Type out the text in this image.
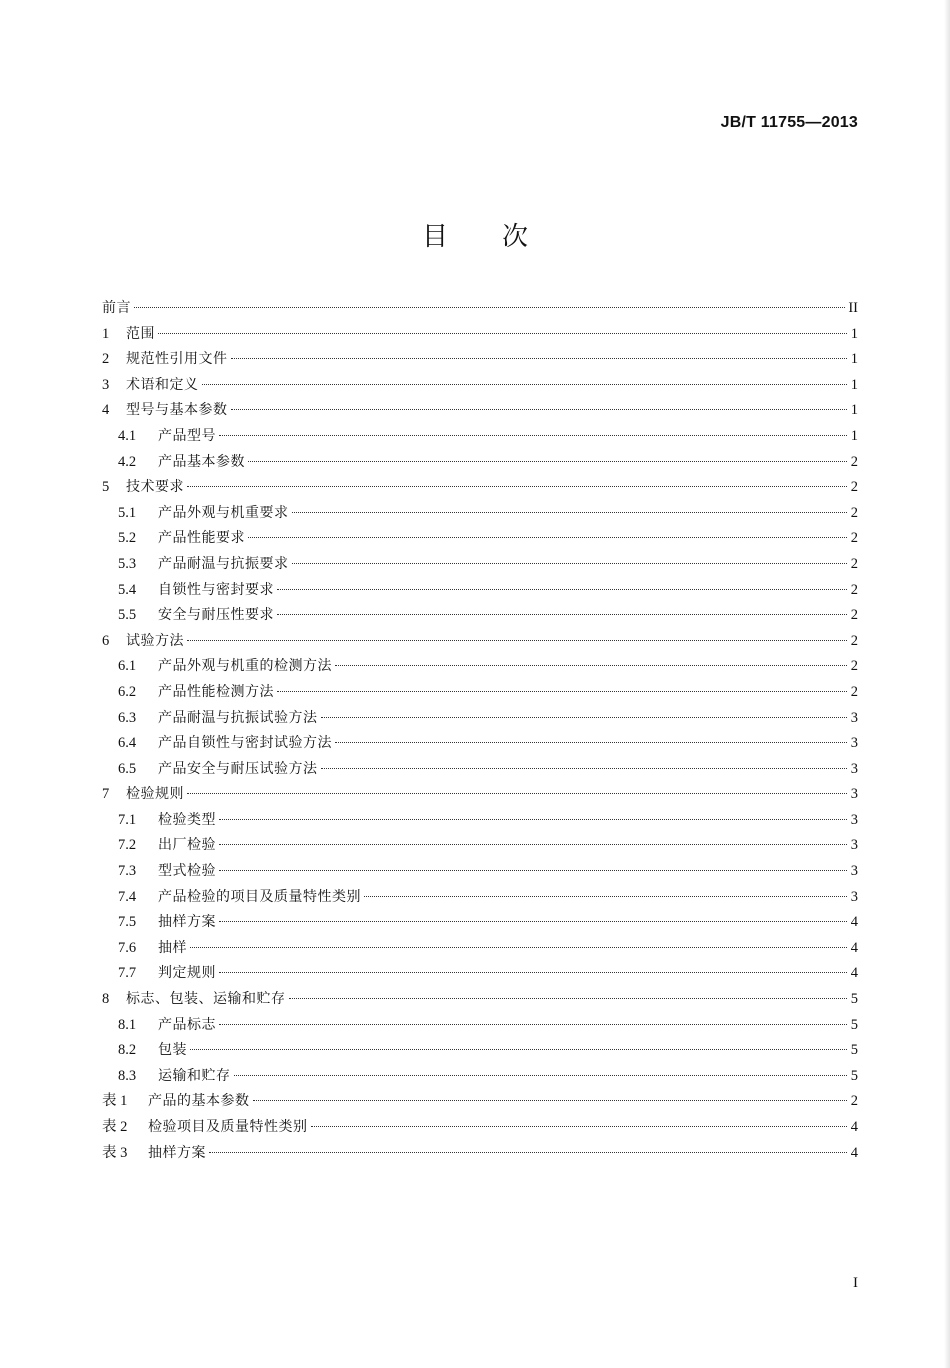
JB/T 11755—2013
目 次
前言	II
1	范围	1
2	规范性引用文件	1
3	术语和定义	1
4	型号与基本参数	1
4.1	产品型号	1
4.2	产品基本参数	2
5	技术要求	2
5.1	产品外观与机重要求	2
5.2	产品性能要求	2
5.3	产品耐温与抗振要求	2
5.4	自锁性与密封要求	2
5.5	安全与耐压性要求	2
6	试验方法	2
6.1	产品外观与机重的检测方法	2
6.2	产品性能检测方法	2
6.3	产品耐温与抗振试验方法	3
6.4	产品自锁性与密封试验方法	3
6.5	产品安全与耐压试验方法	3
7	检验规则	3
7.1	检验类型	3
7.2	出厂检验	3
7.3	型式检验	3
7.4	产品检验的项目及质量特性类别	3
7.5	抽样方案	4
7.6	抽样	4
7.7	判定规则	4
8	标志、包装、运输和贮存	5
8.1	产品标志	5
8.2	包装	5
8.3	运输和贮存	5
表 1	产品的基本参数	2
表 2	检验项目及质量特性类别	4
表 3	抽样方案	4
I
